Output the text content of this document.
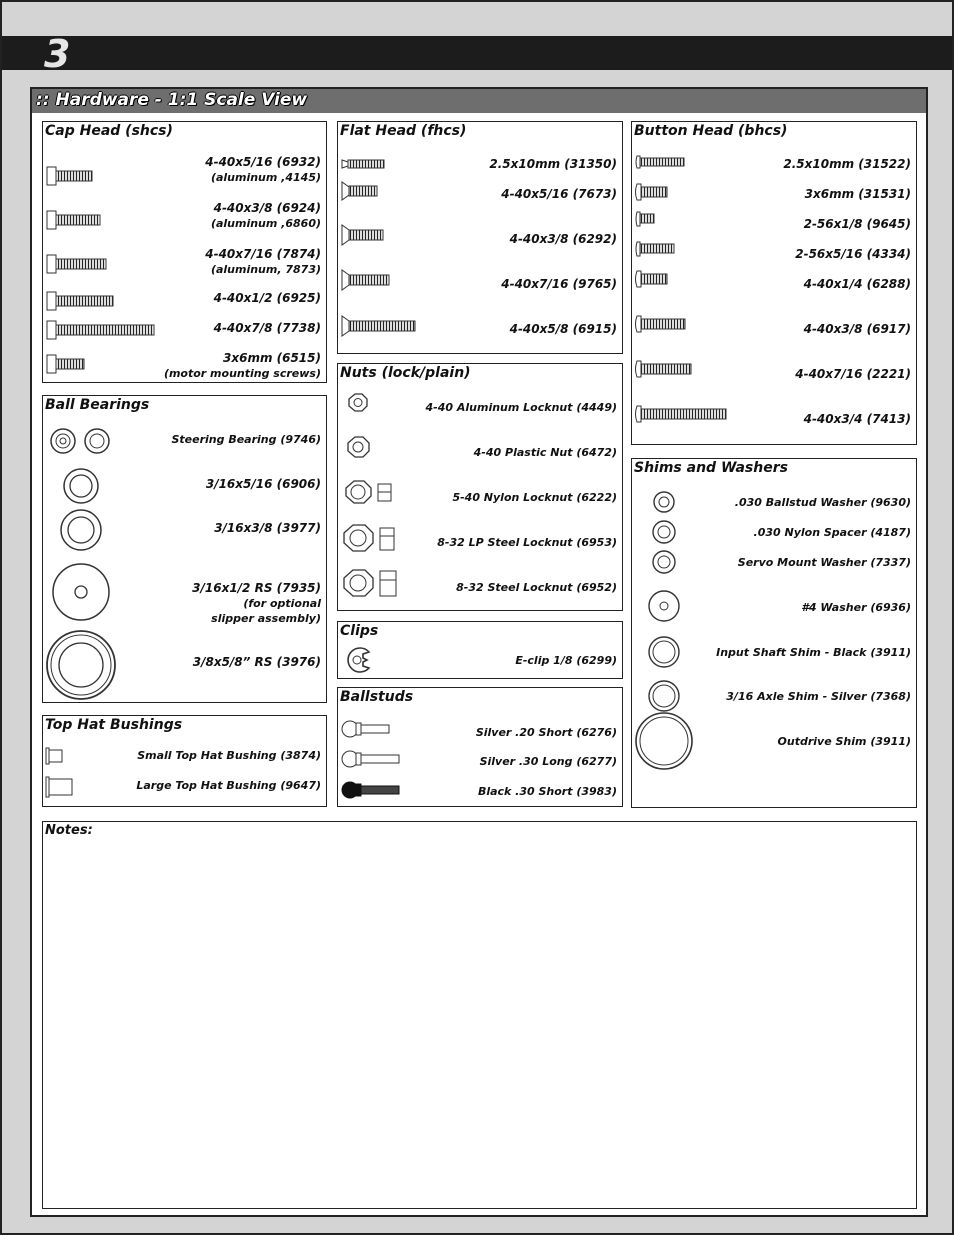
3
:: Hardware - 1:1 Scale View
Cap Head (shcs)
4-40x5/16 (6932)
(aluminum ,4145)
4-40x3/8 (6924)
(aluminum ,6860)
4-40x7/16 (7874)
(aluminum, 7873)
4-40x1/2 (6925)
4-40x7/8 (7738)
3x6mm (6515)
(motor mounting screws)
Ball Bearings
Steering Bearing (9746)
3/16x5/16 (6906)
3/16x3/8 (3977)
3/16x1/2 RS (7935)
(for optional
slipper assembly)
3/8x5/8” RS (3976)
Top Hat Bushings
Small Top Hat Bushing (3874)
Large Top Hat Bushing (9647)
Flat Head (fhcs)
2.5x10mm (31350)
4-40x5/16 (7673)
4-40x3/8 (6292)
4-40x7/16 (9765)
4-40x5/8 (6915)
Nuts (lock/plain)
4-40 Aluminum Locknut (4449)
4-40 Plastic Nut (6472)
5-40 Nylon Locknut (6222)
8-32 LP Steel Locknut (6953)
8-32 Steel Locknut (6952)
Clips
E-clip 1/8 (6299)
Ballstuds
Silver .20 Short (6276)
Silver .30 Long (6277)
Black .30 Short (3983)
Button Head (bhcs)
2.5x10mm (31522)
3x6mm (31531)
2-56x1/8 (9645)
2-56x5/16 (4334)
4-40x1/4 (6288)
4-40x3/8 (6917)
4-40x7/16 (2221)
4-40x3/4 (7413)
Shims and Washers
.030 Ballstud Washer (9630)
.030 Nylon Spacer (4187)
Servo Mount Washer (7337)
#4 Washer (6936)
Input Shaft Shim - Black (3911)
3/16 Axle Shim - Silver (7368)
Outdrive Shim (3911)
Notes:
